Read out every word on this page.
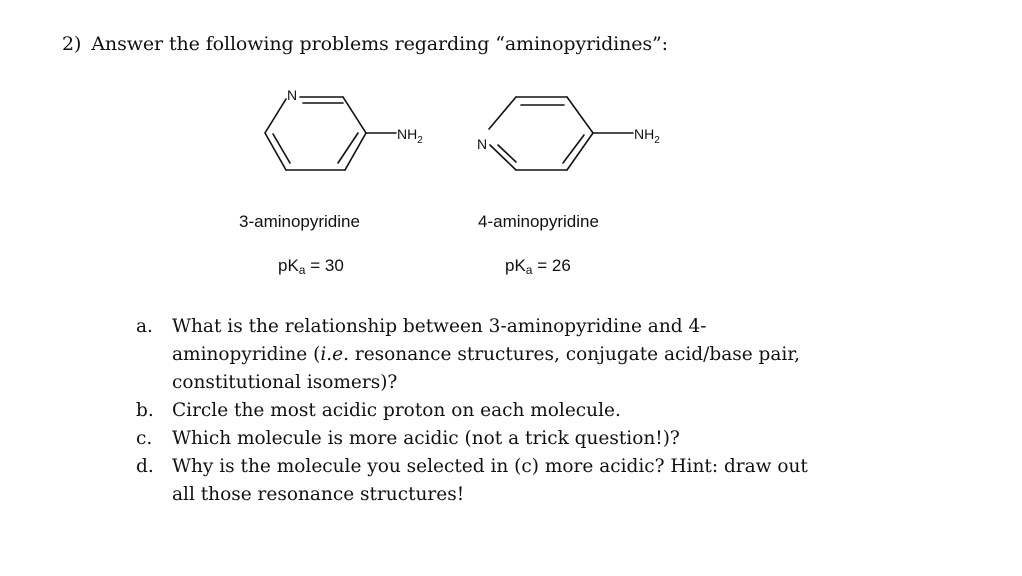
2) Answer the following problems regarding “aminopyridines”:
N
$NH_2$	N
$NH_2$
3-aminopyridine	4-aminopyridine
$pK_a = 30$	$pK_a = 26$
a.	What is the relationship between 3-aminopyridine and 4-
aminopyridine (i.e. resonance structures, conjugate acid/base pair,
constitutional isomers)?
b. Circle the most acidic proton on each molecule.
c.	Which molecule is more acidic (not a trick question!)?
d. Why is the molecule you selected in (c) more acidic? Hint: draw out
all those resonance structures!
